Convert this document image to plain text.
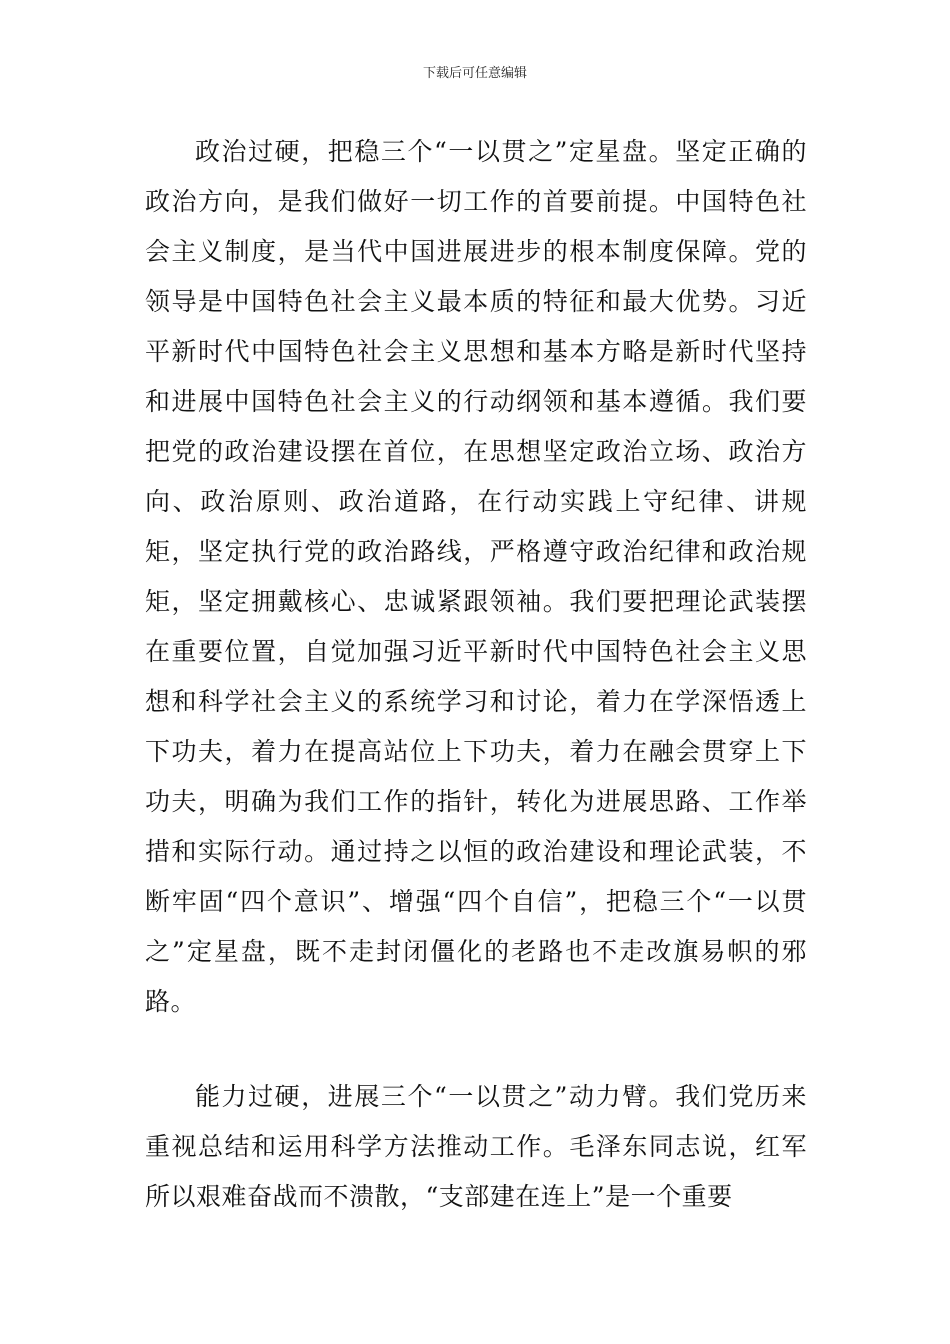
下载后可任意编辑

政治过硬，把稳三个“一以贯之”定星盘。坚定正确的政治方向，是我们做好一切工作的首要前提。中国特色社会主义制度，是当代中国进展进步的根本制度保障。党的领导是中国特色社会主义最本质的特征和最大优势。习近平新时代中国特色社会主义思想和基本方略是新时代坚持和进展中国特色社会主义的行动纲领和基本遵循。我们要把党的政治建设摆在首位，在思想坚定政治立场、政治方向、政治原则、政治道路，在行动实践上守纪律、讲规矩，坚定执行党的政治路线，严格遵守政治纪律和政治规矩，坚定拥戴核心、忠诚紧跟领袖。我们要把理论武装摆在重要位置，自觉加强习近平新时代中国特色社会主义思想和科学社会主义的系统学习和讨论，着力在学深悟透上下功夫，着力在提高站位上下功夫，着力在融会贯穿上下功夫，明确为我们工作的指针，转化为进展思路、工作举措和实际行动。通过持之以恒的政治建设和理论武装，不断牢固“四个意识”、增强“四个自信”，把稳三个“一以贯之”定星盘，既不走封闭僵化的老路也不走改旗易帜的邪路。

能力过硬，进展三个“一以贯之”动力臂。我们党历来重视总结和运用科学方法推动工作。毛泽东同志说，红军所以艰难奋战而不溃散，“支部建在连上”是一个重要
